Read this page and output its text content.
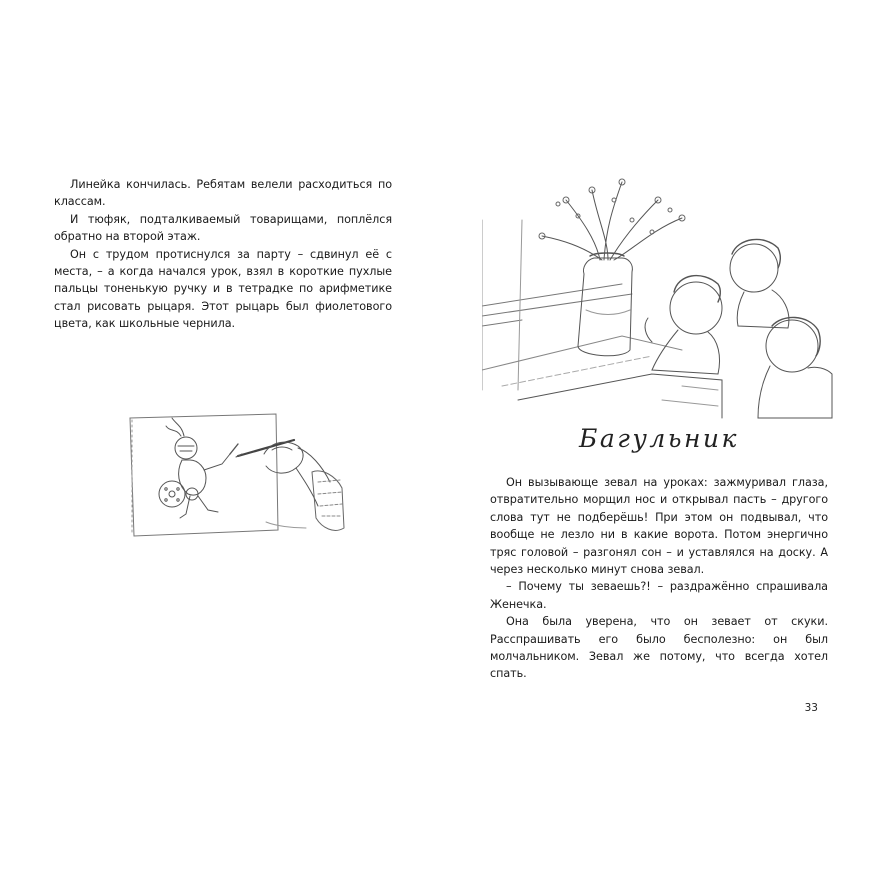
Линейка кончилась. Ребятам велели расходиться по классам.

И тюфяк, подталкиваемый товарищами, поплёлся обратно на второй этаж.

Он с трудом протиснулся за парту – сдвинул её с места, – а когда начался урок, взял в короткие пухлые пальцы тоненькую ручку и в тетрадке по арифметике стал рисовать рыцаря. Этот рыцарь был фиолетового цвета, как школьные чернила.

Багульник

Он вызывающе зевал на уроках: зажмуривал глаза, отвратительно морщил нос и открывал пасть – другого слова тут не подберёшь! При этом он подвывал, что вообще не лезло ни в какие ворота. Потом энергично тряс головой – разгонял сон – и уставлялся на доску. А через несколько минут снова зевал.

– Почему ты зеваешь?! – раздражённо спрашивала Женечка.

Она была уверена, что он зевает от скуки. Расспрашивать его было бесполезно: он был молчальником. Зевал же потому, что всегда хотел спать.

33
